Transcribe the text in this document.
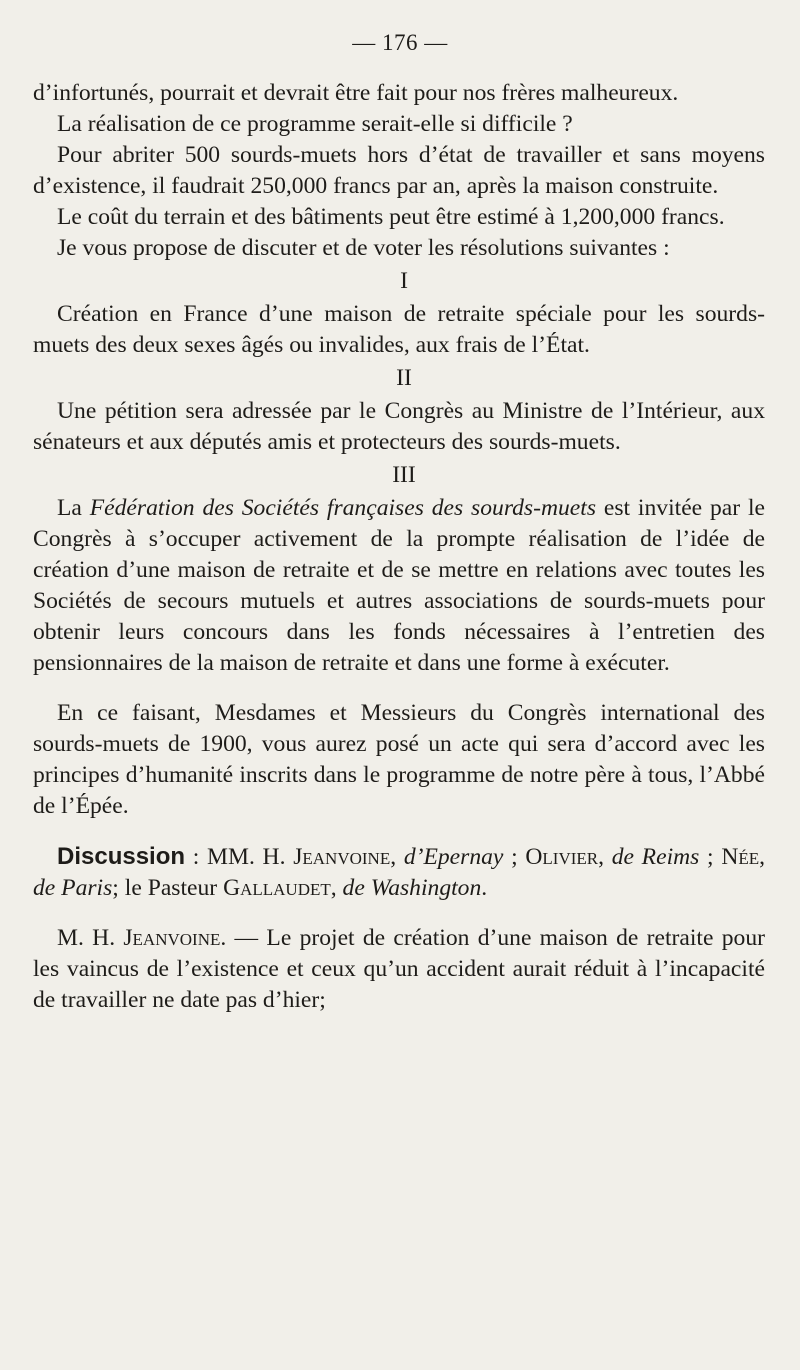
— 176 —

d’infortunés, pourrait et devrait être fait pour nos frères malheureux.

La réalisation de ce programme serait-elle si difficile ?

Pour abriter 500 sourds-muets hors d’état de travailler et sans moyens d’existence, il faudrait 250,000 francs par an, après la maison construite.

Le coût du terrain et des bâtiments peut être estimé à 1,200,000 francs.

Je vous propose de discuter et de voter les résolutions suivantes :

I

Création en France d’une maison de retraite spéciale pour les sourds-muets des deux sexes âgés ou invalides, aux frais de l’État.

II

Une pétition sera adressée par le Congrès au Ministre de l’Intérieur, aux sénateurs et aux députés amis et protecteurs des sourds-muets.

III

La Fédération des Sociétés françaises des sourds-muets est invitée par le Congrès à s’occuper activement de la prompte réalisation de l’idée de création d’une maison de retraite et de se mettre en relations avec toutes les Sociétés de secours mutuels et autres associations de sourds-muets pour obtenir leurs concours dans les fonds nécessaires à l’entretien des pensionnaires de la maison de retraite et dans une forme à exécuter.

En ce faisant, Mesdames et Messieurs du Congrès international des sourds-muets de 1900, vous aurez posé un acte qui sera d’accord avec les principes d’humanité inscrits dans le programme de notre père à tous, l’Abbé de l’Épée.

Discussion : MM. H. Jeanvoine, d’Epernay ; Olivier, de Reims ; Née, de Paris; le Pasteur Gallaudet, de Washington.

M. H. Jeanvoine. — Le projet de création d’une maison de retraite pour les vaincus de l’existence et ceux qu’un accident aurait réduit à l’incapacité de travailler ne date pas d’hier;
